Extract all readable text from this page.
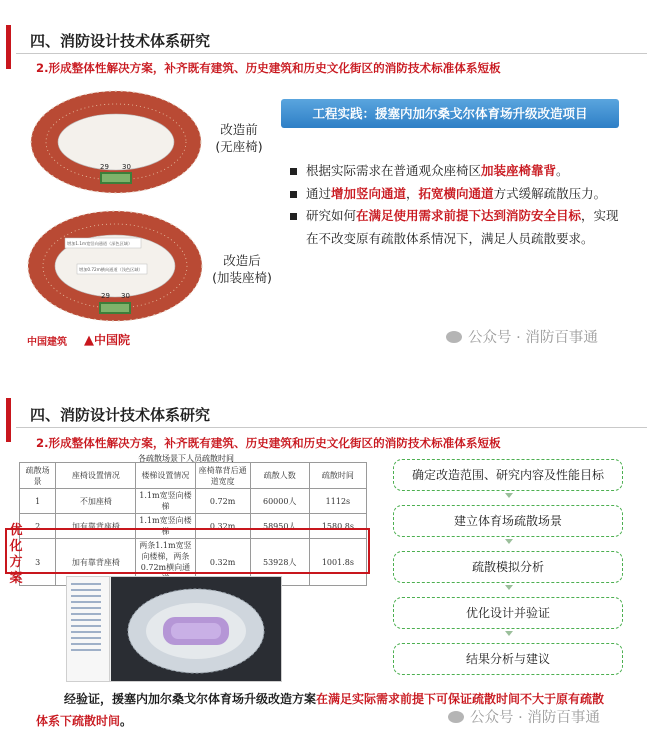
四、消防设计技术体系研究
2.形成整体性解决方案，补齐既有建筑、历史建筑和历史文化街区的消防技术标准体系短板
29 30
改造前
(无座椅)
增加1.1m宽竖向通道（深色区域）
增加0.72m横向通道（浅色区域）
29 30
改造后
(加装座椅)
工程实践：援塞内加尔桑戈尔体育场升级改造项目
根据实际需求在普通观众座椅区加装座椅靠背。
通过增加竖向通道，拓宽横向通道方式缓解疏散压力。
研究如何在满足使用需求前提下达到消防安全目标，实现在不改变原有疏散体系情况下，满足人员疏散要求。
中国建筑 ▲中国院	公众号 · 消防百事通
四、消防设计技术体系研究
2.形成整体性解决方案，补齐既有建筑、历史建筑和历史文化街区的消防技术标准体系短板
各疏散场景下人员疏散时间
疏散场景	座椅设置情况	楼梯设置情况	座椅靠背后通道宽度	疏散人数	疏散时间
1	不加座椅	1.1m宽竖向楼梯	0.72m	60000人	1112s
2	加有靠背座椅	1.1m宽竖向楼梯	0.32m	58950人	1580.8s
3	加有靠背座椅	两条1.1m宽竖向楼梯，两条0.72m横向通	0.32m	53928人	1001.8s
优化方案
确定改造范围、研究内容及性能目标
建立体育场疏散场景
疏散模拟分析
优化设计并验证
结果分析与建议
经验证，援塞内加尔桑戈尔体育场升级改造方案在满足实际需求前提下可保证疏散时间不大于原有疏散体系下疏散时间。	公众号 · 消防百事通
